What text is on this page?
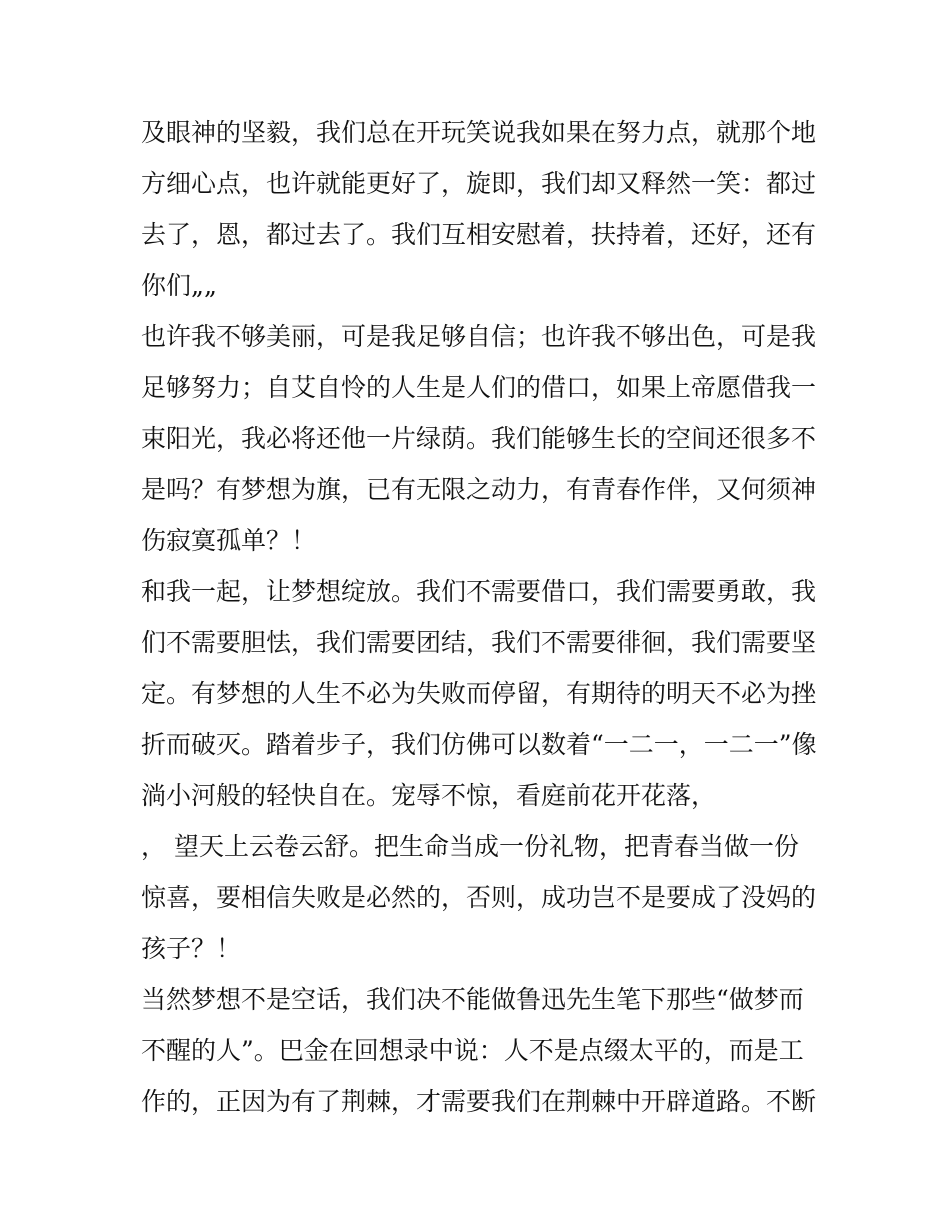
及眼神的坚毅，我们总在开玩笑说我如果在努力点，就那个地
方细心点，也许就能更好了，旋即，我们却又释然一笑：都过
去了，恩，都过去了。我们互相安慰着，扶持着，还好，还有
你们„„
也许我不够美丽，可是我足够自信；也许我不够出色，可是我
足够努力；自艾自怜的人生是人们的借口，如果上帝愿借我一
束阳光，我必将还他一片绿荫。我们能够生长的空间还很多不
是吗？有梦想为旗，已有无限之动力，有青春作伴，又何须神
伤寂寞孤单？！
和我一起，让梦想绽放。我们不需要借口，我们需要勇敢，我
们不需要胆怯，我们需要团结，我们不需要徘徊，我们需要坚
定。有梦想的人生不必为失败而停留，有期待的明天不必为挫
折而破灭。踏着步子，我们仿佛可以数着“一二一，一二一”像
淌小河般的轻快自在。宠辱不惊，看庭前花开花落，
， 望天上云卷云舒。把生命当成一份礼物，把青春当做一份
惊喜，要相信失败是必然的，否则，成功岂不是要成了没妈的
孩子？！
当然梦想不是空话，我们决不能做鲁迅先生笔下那些“做梦而
不醒的人”。巴金在回想录中说：人不是点缀太平的，而是工
作的，正因为有了荆棘，才需要我们在荆棘中开辟道路。不断
